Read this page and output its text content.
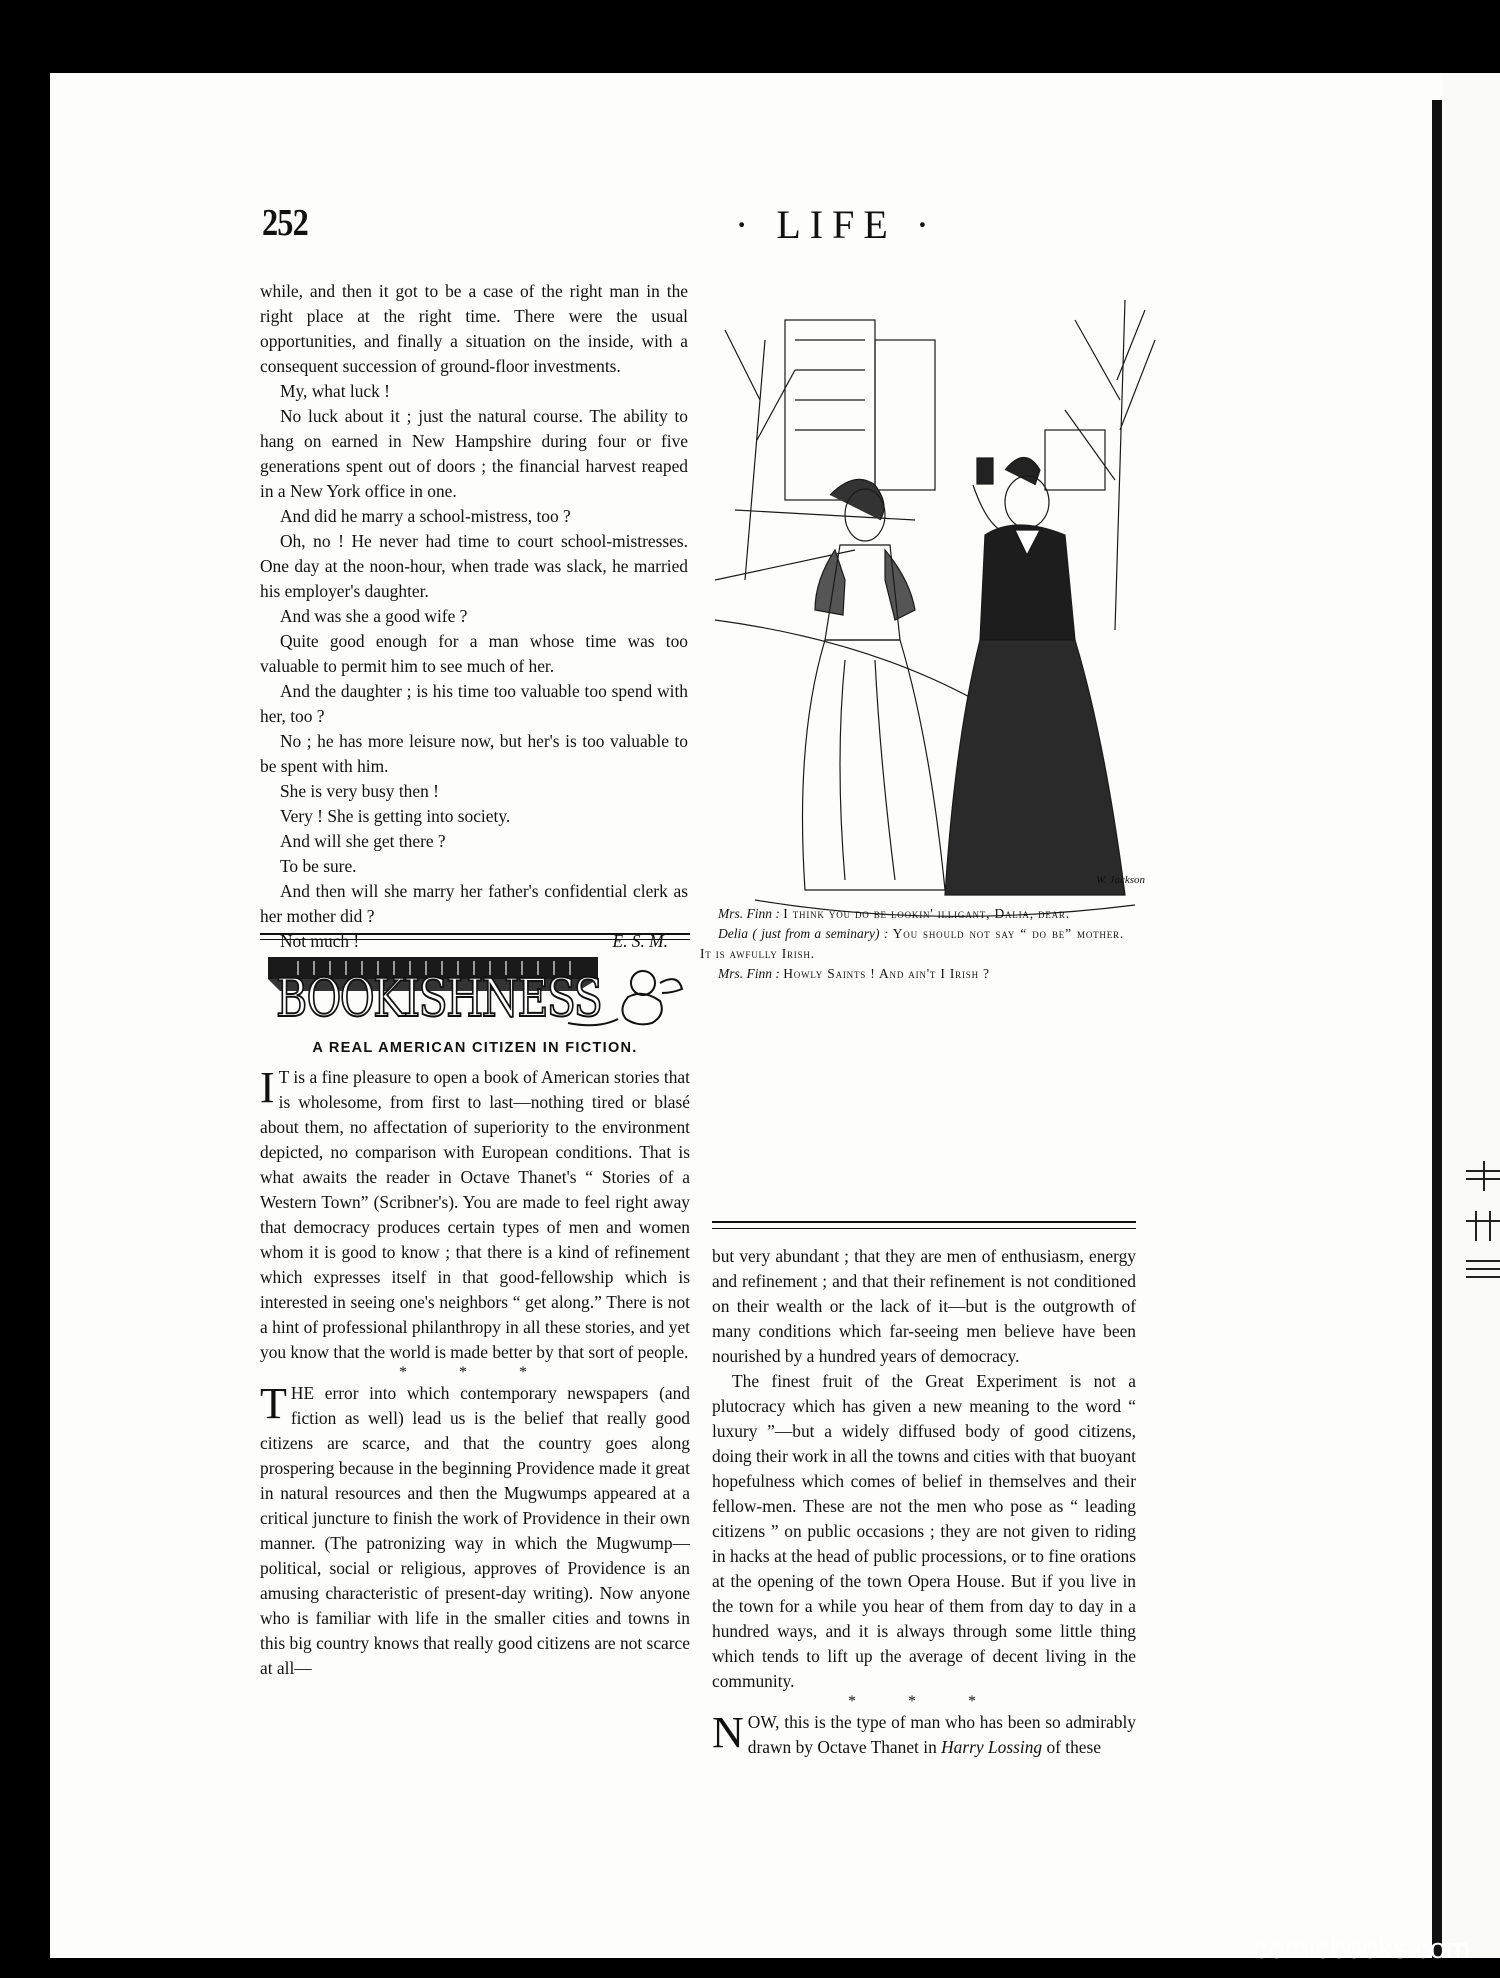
252	· LIFE ·

while, and then it got to be a case of the right man in the right place at the right time. There were the usual opportunities, and finally a situation on the inside, with a consequent succession of ground-floor investments.

My, what luck !

No luck about it ; just the natural course. The ability to hang on earned in New Hampshire during four or five generations spent out of doors ; the financial harvest reaped in a New York office in one.

And did he marry a school-mistress, too ?

Oh, no ! He never had time to court school-mistresses. One day at the noon-hour, when trade was slack, he married his employer's daughter.

And was she a good wife ?

Quite good enough for a man whose time was too valuable to permit him to see much of her.

And the daughter ; is his time too valuable too spend with her, too ?

No ; he has more leisure now, but her's is too valuable to be spent with him.

She is very busy then !

Very ! She is getting into society.

And will she get there ?

To be sure.

And then will she marry her father's confidential clerk as her mother did ?

Not much !	E. S. M.
BOOKISHNESS
A REAL AMERICAN CITIZEN IN FICTION.

I T is a fine pleasure to open a book of American stories that is wholesome, from first to last—nothing tired or blasé about them, no affectation of superiority to the environment depicted, no comparison with European conditions. That is what awaits the reader in Octave Thanet's “ Stories of a Western Town” (Scribner's). You are made to feel right away that democracy produces certain types of men and women whom it is good to know ; that there is a kind of refinement which expresses itself in that good-fellowship which is interested in seeing one's neighbors “ get along.” There is not a hint of professional philanthropy in all these stories, and yet you know that the world is made better by that sort of people.

* * *

THE error into which contemporary newspapers (and fiction as well) lead us is the belief that really good citizens are scarce, and that the country goes along prospering because in the beginning Providence made it great in natural resources and then the Mugwumps appeared at a critical juncture to finish the work of Providence in their own manner. (The patronizing way in which the Mugwump—political, social or religious, approves of Providence is an amusing characteristic of present-day writing). Now anyone who is familiar with life in the smaller cities and towns in this big country knows that really good citizens are not scarce at all—

W. Jackson

Mrs. Finn : I think you do be lookin' illigant, Dalia, dear.

Delia ( just from a seminary) : You should not say “ do be” mother. It is awfully Irish.

Mrs. Finn : Howly Saints ! And ain't I Irish ?

but very abundant ; that they are men of enthusiasm, energy and refinement ; and that their refinement is not conditioned on their wealth or the lack of it—but is the outgrowth of many conditions which far-seeing men believe have been nourished by a hundred years of democracy.

The finest fruit of the Great Experiment is not a plutocracy which has given a new meaning to the word “ luxury ”—but a widely diffused body of good citizens, doing their work in all the towns and cities with that buoyant hopefulness which comes of belief in themselves and their fellow-men. These are not the men who pose as “ leading citizens ” on public occasions ; they are not given to riding in hacks at the head of public processions, or to fine orations at the opening of the town Opera House. But if you live in the town for a while you hear of them from day to day in a hundred ways, and it is always through some little thing which tends to lift up the average of decent living in the community.

* * *

NOW, this is the type of man who has been so admirably drawn by Octave Thanet in Harry Lossing of these

comicbooks.com
